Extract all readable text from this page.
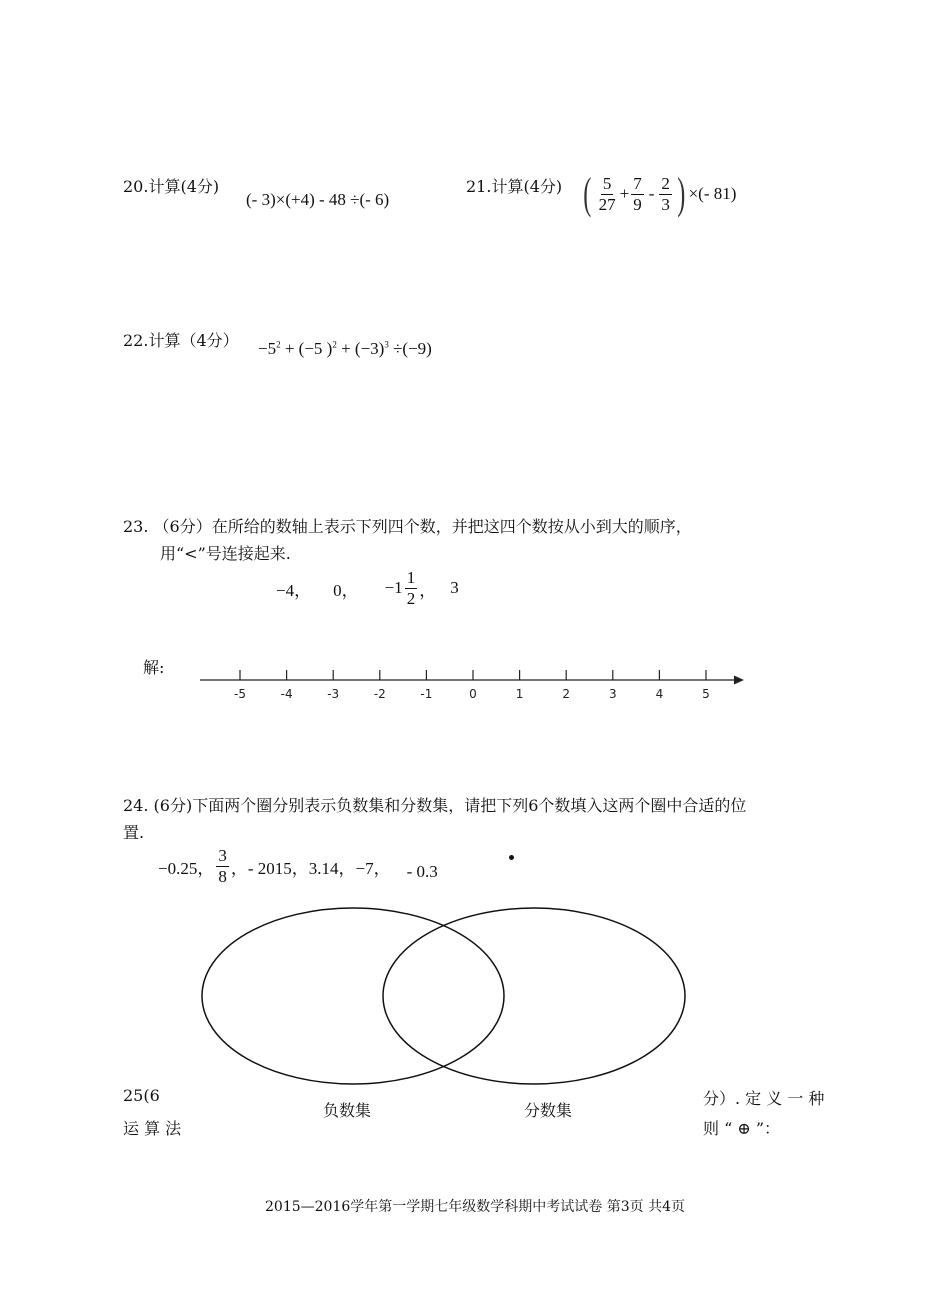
20.计算(4分)
(- 3)×(+4) - 48 ÷(- 6)
21.计算(4分) ( $\frac{5}{27} + \frac{7}{9} - \frac{2}{3}$ ) ×(- 81)
22.计算（4分） $-5^2 + (-5$ )$^2 + (-3)^3 \div(-9)$
23. （6分）在所给的数轴上表示下列四个数，并把这四个数按从小到大的顺序，
用“<”号连接起来.
−4， 0， $-1 \frac{1}{2}$ ， 3
解:
-5	-4	-3	-2	-1	0	1	2	3	4	5
24. (6分)下面两个圈分别表示负数集和分数集，请把下列6个数填入这两个圈中合适的位
置.
−0.25， $\frac{3}{8}$ ，- 2015，3.14，−7， - 0.3
负数集	分数集
25(6
运 算 法
分）. 定 义 一 种
则 “ ⊕ ”：
2015—2016学年第一学期七年级数学科期中考试试卷 第3页 共4页
